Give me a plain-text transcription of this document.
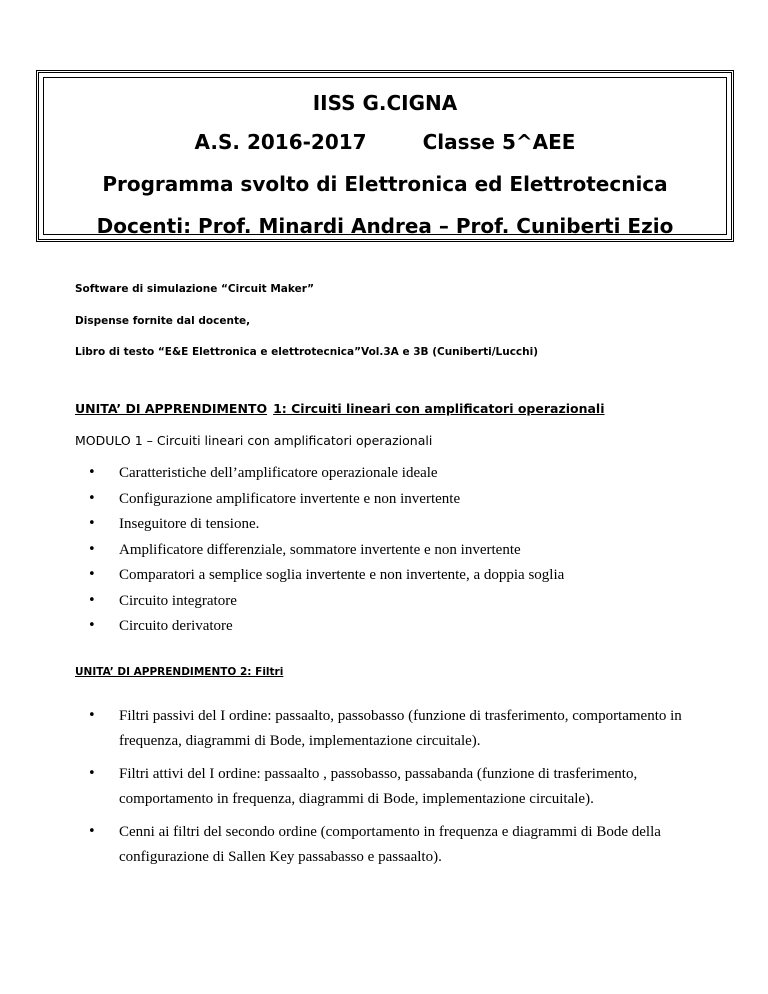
IISS G.CIGNA
A.S. 2016-2017	Classe 5^AEE
Programma svolto di Elettronica ed Elettrotecnica
Docenti: Prof. Minardi Andrea – Prof. Cuniberti Ezio
Software di simulazione “Circuit Maker”
Dispense fornite dal docente,
Libro di testo “E&E Elettronica e elettrotecnica”Vol.3A e 3B (Cuniberti/Lucchi)
UNITA’ DI APPRENDIMENTO 1: Circuiti lineari con amplificatori operazionali
MODULO 1 – Circuiti lineari con amplificatori operazionali
• Caratteristiche dell’amplificatore operazionale ideale
• Configurazione amplificatore invertente e non invertente
• Inseguitore di tensione.
• Amplificatore differenziale, sommatore invertente e non invertente
• Comparatori a semplice soglia invertente e non invertente, a doppia soglia
• Circuito integratore
• Circuito derivatore
UNITA’ DI APPRENDIMENTO 2: Filtri
• Filtri passivi del I ordine: passaalto, passobasso (funzione di trasferimento, comportamento in frequenza, diagrammi di Bode, implementazione circuitale).
• Filtri attivi del I ordine: passaalto , passobasso, passabanda (funzione di trasferimento, comportamento in frequenza, diagrammi di Bode, implementazione circuitale).
• Cenni ai filtri del secondo ordine (comportamento in frequenza e diagrammi di Bode della configurazione di Sallen Key passabasso e passaalto).
